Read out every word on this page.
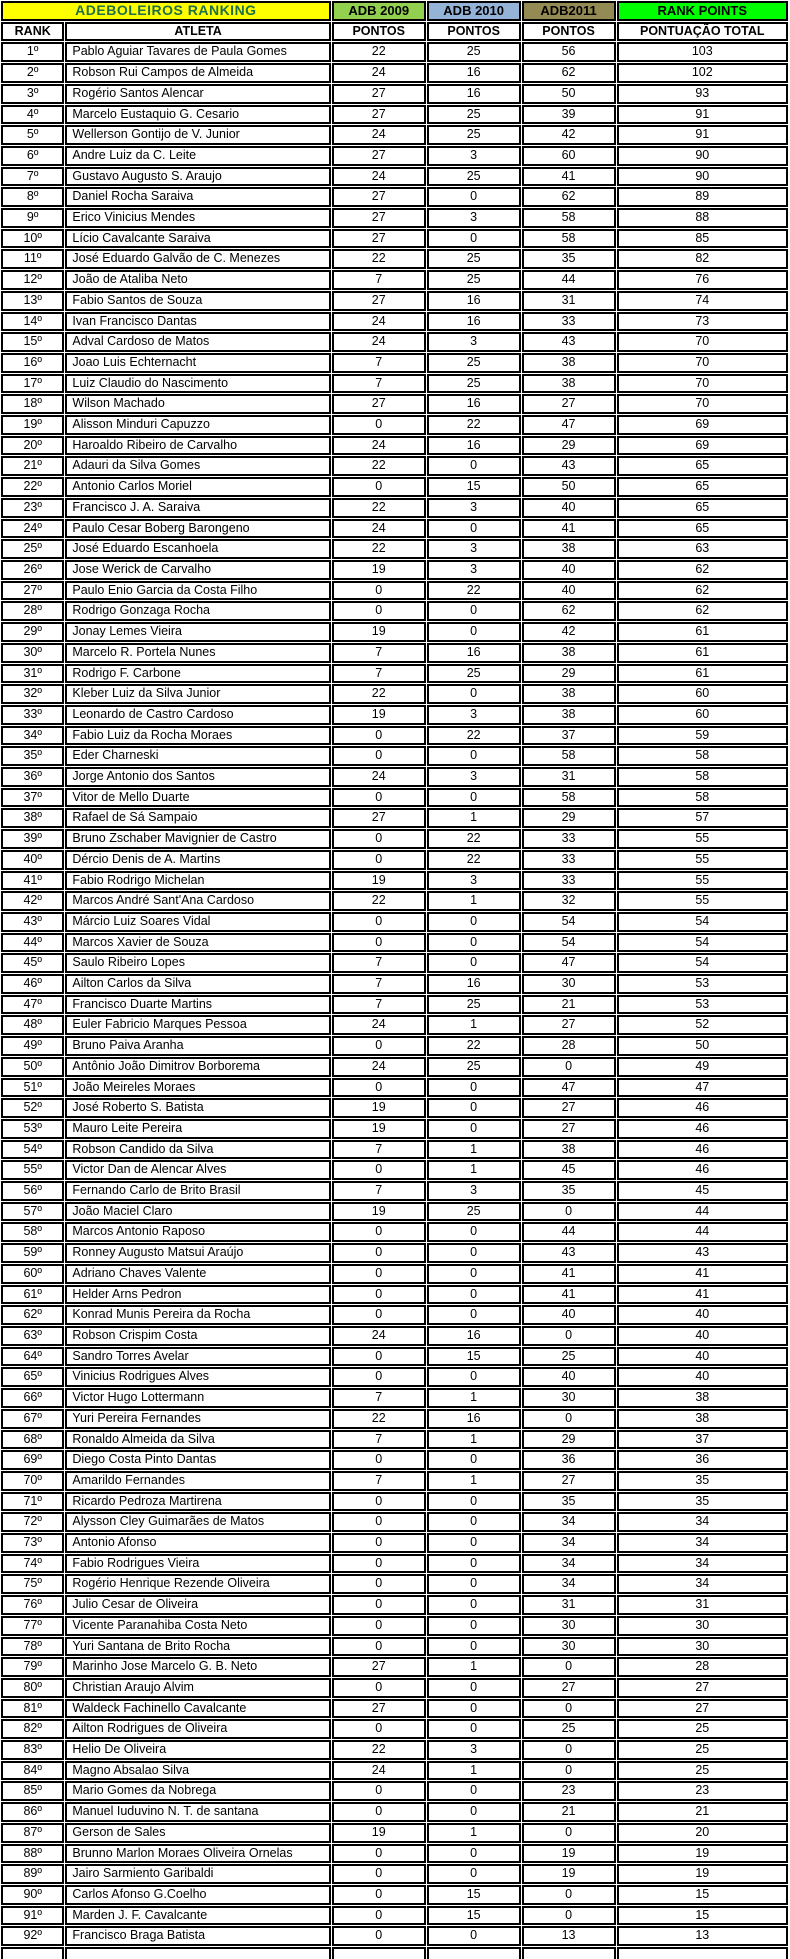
ADEBOLEIROS RANKING		ADB 2009	ADB 2010	ADB2011	RANK POINTS
RANK	ATLETA	PONTOS	PONTOS	PONTOS	PONTUAÇÃO TOTAL
1º	Pablo Aguiar Tavares de Paula Gomes	22	25	56	103
2º	Robson Rui Campos de Almeida	24	16	62	102
3º	Rogério Santos Alencar	27	16	50	93
4º	Marcelo Eustaquio G. Cesario	27	25	39	91
5º	Wellerson Gontijo de V. Junior	24	25	42	91
6º	Andre Luiz da C. Leite	27	3	60	90
7º	Gustavo Augusto S. Araujo	24	25	41	90
8º	Daniel Rocha Saraiva	27	0	62	89
9º	Erico Vinicius Mendes	27	3	58	88
10º	Lício Cavalcante Saraiva	27	0	58	85
11º	José Eduardo Galvão de C. Menezes	22	25	35	82
12º	João de Ataliba Neto	7	25	44	76
13º	Fabio Santos de Souza	27	16	31	74
14º	Ivan Francisco Dantas	24	16	33	73
15º	Adval Cardoso de Matos	24	3	43	70
16º	Joao Luis Echternacht	7	25	38	70
17º	Luiz Claudio do Nascimento	7	25	38	70
18º	Wilson Machado	27	16	27	70
19º	Alisson Minduri Capuzzo	0	22	47	69
20º	Haroaldo Ribeiro de Carvalho	24	16	29	69
21º	Adauri da Silva Gomes	22	0	43	65
22º	Antonio Carlos Moriel	0	15	50	65
23º	Francisco J. A. Saraiva	22	3	40	65
24º	Paulo Cesar Boberg Barongeno	24	0	41	65
25º	José Eduardo Escanhoela	22	3	38	63
26º	Jose Werick de Carvalho	19	3	40	62
27º	Paulo Enio Garcia da Costa Filho	0	22	40	62
28º	Rodrigo Gonzaga Rocha	0	0	62	62
29º	Jonay Lemes Vieira	19	0	42	61
30º	Marcelo R. Portela Nunes	7	16	38	61
31º	Rodrigo F. Carbone	7	25	29	61
32º	Kleber Luiz da Silva Junior	22	0	38	60
33º	Leonardo de Castro Cardoso	19	3	38	60
34º	Fabio Luiz da Rocha Moraes	0	22	37	59
35º	Eder Charneski	0	0	58	58
36º	Jorge Antonio dos Santos	24	3	31	58
37º	Vitor de Mello Duarte	0	0	58	58
38º	Rafael de Sá Sampaio	27	1	29	57
39º	Bruno Zschaber Mavignier de Castro	0	22	33	55
40º	Dércio Denis de A. Martins	0	22	33	55
41º	Fabio Rodrigo Michelan	19	3	33	55
42º	Marcos André Sant'Ana Cardoso	22	1	32	55
43º	Márcio Luiz Soares Vidal	0	0	54	54
44º	Marcos Xavier de Souza	0	0	54	54
45º	Saulo Ribeiro Lopes	7	0	47	54
46º	Ailton Carlos da Silva	7	16	30	53
47º	Francisco Duarte Martins	7	25	21	53
48º	Euler Fabricio Marques Pessoa	24	1	27	52
49º	Bruno Paiva Aranha	0	22	28	50
50º	Antônio João Dimitrov Borborema	24	25	0	49
51º	João Meireles Moraes	0	0	47	47
52º	José Roberto S. Batista	19	0	27	46
53º	Mauro Leite Pereira	19	0	27	46
54º	Robson Candido da Silva	7	1	38	46
55º	Victor Dan de Alencar Alves	0	1	45	46
56º	Fernando Carlo de Brito Brasil	7	3	35	45
57º	João Maciel Claro	19	25	0	44
58º	Marcos Antonio Raposo	0	0	44	44
59º	Ronney Augusto Matsui Araújo	0	0	43	43
60º	Adriano Chaves Valente	0	0	41	41
61º	Helder Arns Pedron	0	0	41	41
62º	Konrad Munis Pereira da Rocha	0	0	40	40
63º	Robson Crispim Costa	24	16	0	40
64º	Sandro Torres Avelar	0	15	25	40
65º	Vinicius Rodrigues Alves	0	0	40	40
66º	Victor Hugo Lottermann	7	1	30	38
67º	Yuri Pereira Fernandes	22	16	0	38
68º	Ronaldo Almeida da Silva	7	1	29	37
69º	Diego Costa Pinto Dantas	0	0	36	36
70º	Amarildo Fernandes	7	1	27	35
71º	Ricardo Pedroza Martirena	0	0	35	35
72º	Alysson Cley Guimarães de Matos	0	0	34	34
73º	Antonio Afonso	0	0	34	34
74º	Fabio Rodrigues Vieira	0	0	34	34
75º	Rogério Henrique Rezende Oliveira	0	0	34	34
76º	Julio Cesar de Oliveira	0	0	31	31
77º	Vicente Paranahiba Costa Neto	0	0	30	30
78º	Yuri Santana de Brito Rocha	0	0	30	30
79º	Marinho Jose Marcelo G. B. Neto	27	1	0	28
80º	Christian Araujo Alvim	0	0	27	27
81º	Waldeck Fachinello Cavalcante	27	0	0	27
82º	Ailton Rodrigues de Oliveira	0	0	25	25
83º	Helio De Oliveira	22	3	0	25
84º	Magno Absalao Silva	24	1	0	25
85º	Mario Gomes da Nobrega	0	0	23	23
86º	Manuel Iuduvino N. T. de santana	0	0	21	21
87º	Gerson de Sales	19	1	0	20
88º	Brunno Marlon Moraes Oliveira Ornelas	0	0	19	19
89º	Jairo Sarmiento Garibaldi	0	0	19	19
90º	Carlos Afonso G.Coelho	0	15	0	15
91º	Marden J. F. Cavalcante	0	15	0	15
92º	Francisco Braga Batista	0	0	13	13
